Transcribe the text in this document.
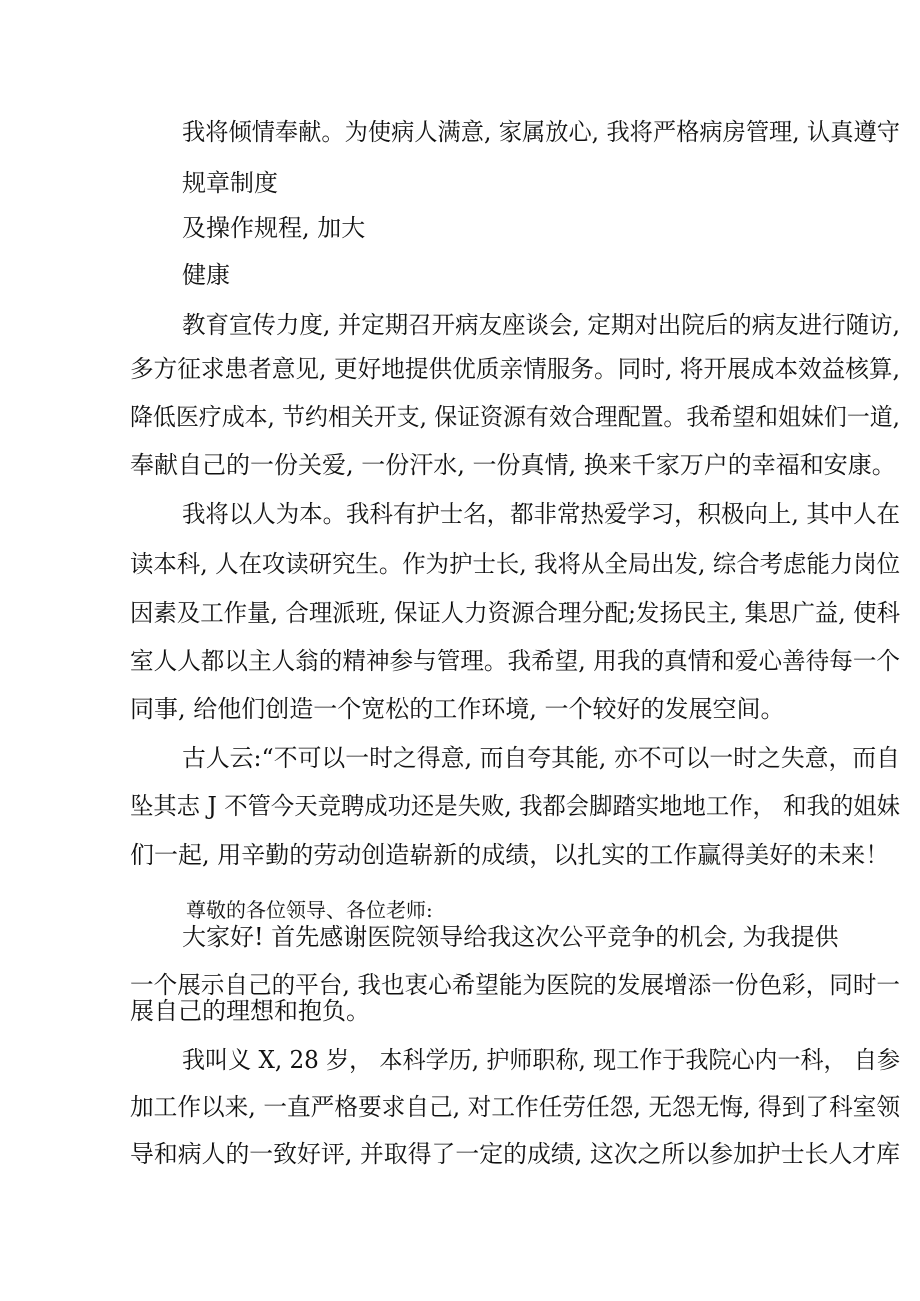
我将倾情奉献。为使病人满意, 家属放心, 我将严格病房管理, 认真遵守
规章制度
及操作规程, 加大
健康
教育宣传力度, 并定期召开病友座谈会, 定期对出院后的病友进行随访,
多方征求患者意见, 更好地提供优质亲情服务。同时, 将开展成本效益核算,
降低医疗成本, 节约相关开支, 保证资源有效合理配置。我希望和姐妹们一道,
奉献自己的一份关爱, 一份汗水, 一份真情, 换来千家万户的幸福和安康。
我将以人为本。我科有护士名，都非常热爱学习，积极向上, 其中人在
读本科, 人在攻读研究生。作为护士长, 我将从全局出发, 综合考虑能力岗位
因素及工作量, 合理派班, 保证人力资源合理分配;发扬民主, 集思广益, 使科
室人人都以主人翁的精神参与管理。我希望, 用我的真情和爱心善待每一个
同事, 给他们创造一个宽松的工作环境, 一个较好的发展空间。
古人云:“不可以一时之得意, 而自夸其能, 亦不可以一时之失意，而自
坠其志 J 不管今天竞聘成功还是失败, 我都会脚踏实地地工作， 和我的姐妹
们一起, 用辛勤的劳动创造崭新的成绩，以扎实的工作赢得美好的未来！
尊敬的各位领导、各位老师:
大家好! 首先感谢医院领导给我这次公平竞争的机会, 为我提供
一个展示自己的平台, 我也衷心希望能为医院的发展增添一份色彩，同时一
展自己的理想和抱负。
我叫义 X, 28 岁， 本科学历, 护师职称, 现工作于我院心内一科， 自参
加工作以来, 一直严格要求自己, 对工作任劳任怨, 无怨无悔, 得到了科室领
导和病人的一致好评, 并取得了一定的成绩, 这次之所以参加护士长人才库
